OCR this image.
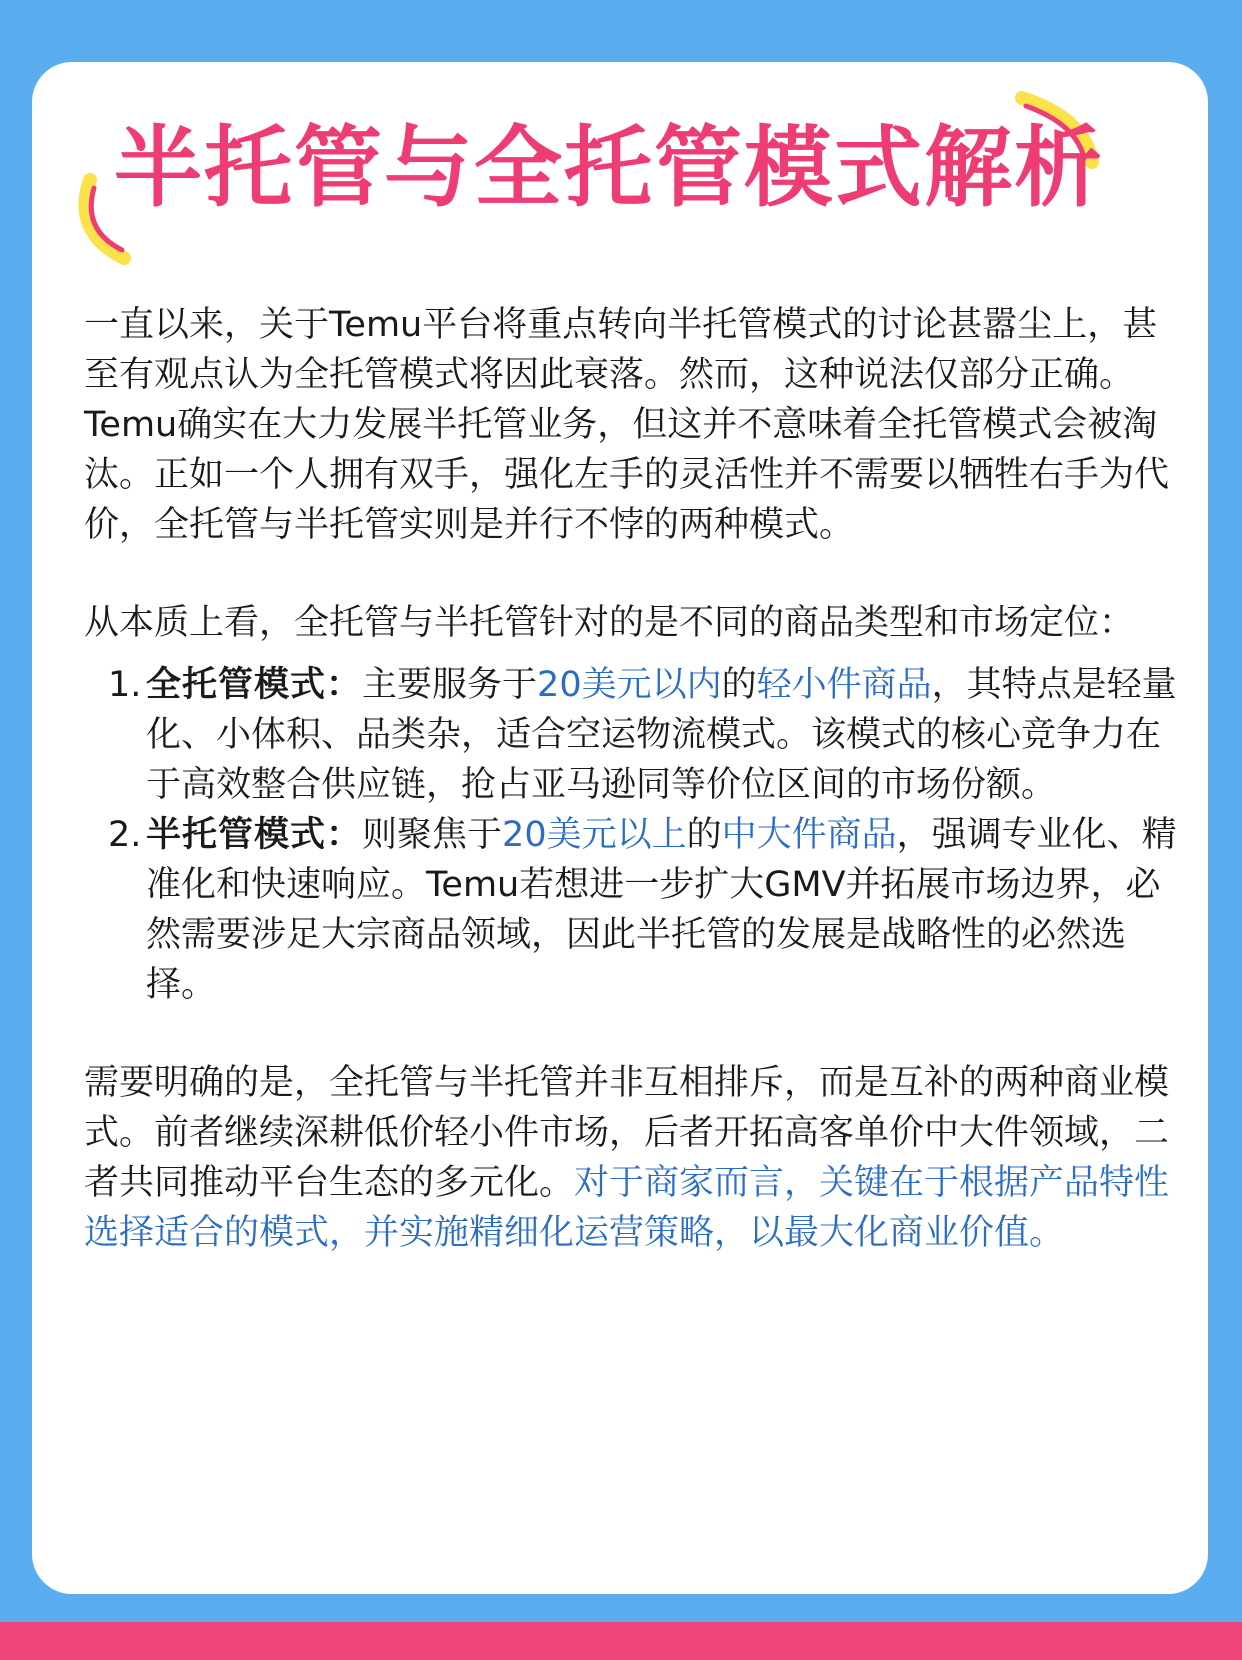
半托管与全托管模式解析

一直以来，关于Temu平台将重点转向半托管模式的讨论甚嚣尘上，甚至有观点认为全托管模式将因此衰落。然而，这种说法仅部分正确。Temu确实在大力发展半托管业务，但这并不意味着全托管模式会被淘汰。正如一个人拥有双手，强化左手的灵活性并不需要以牺牲右手为代价，全托管与半托管实则是并行不悖的两种模式。

从本质上看，全托管与半托管针对的是不同的商品类型和市场定位：

1. 全托管模式：主要服务于20美元以内的轻小件商品，其特点是轻量化、小体积、品类杂，适合空运物流模式。该模式的核心竞争力在于高效整合供应链，抢占亚马逊同等价位区间的市场份额。
2. 半托管模式：则聚焦于20美元以上的中大件商品，强调专业化、精准化和快速响应。Temu若想进一步扩大GMV并拓展市场边界，必然需要涉足大宗商品领域，因此半托管的发展是战略性的必然选择。

需要明确的是，全托管与半托管并非互相排斥，而是互补的两种商业模式。前者继续深耕低价轻小件市场，后者开拓高客单价中大件领域，二者共同推动平台生态的多元化。对于商家而言，关键在于根据产品特性选择适合的模式，并实施精细化运营策略，以最大化商业价值。
